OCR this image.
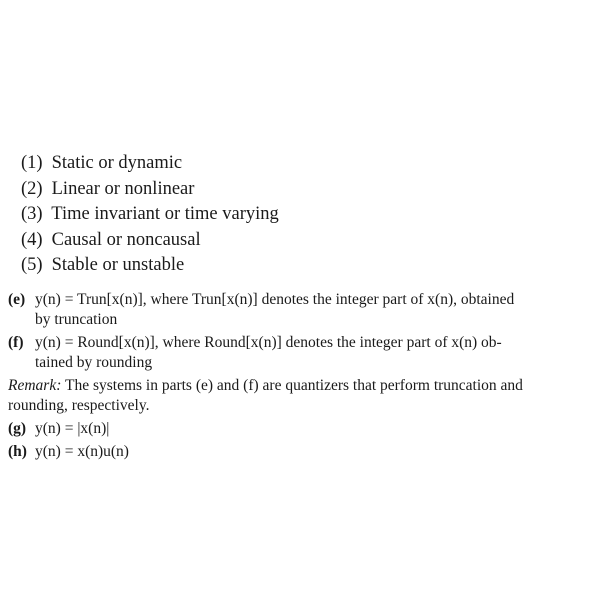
(1) Static or dynamic
(2) Linear or nonlinear
(3) Time invariant or time varying
(4) Causal or noncausal
(5) Stable or unstable
(e) y(n) = Trun[x(n)], where Trun[x(n)] denotes the integer part of x(n), obtained
by truncation
(f) y(n) = Round[x(n)], where Round[x(n)] denotes the integer part of x(n) ob-
tained by rounding
Remark: The systems in parts (e) and (f) are quantizers that perform truncation and
rounding, respectively.
(g) y(n) = |x(n)|
(h) y(n) = x(n)u(n)
